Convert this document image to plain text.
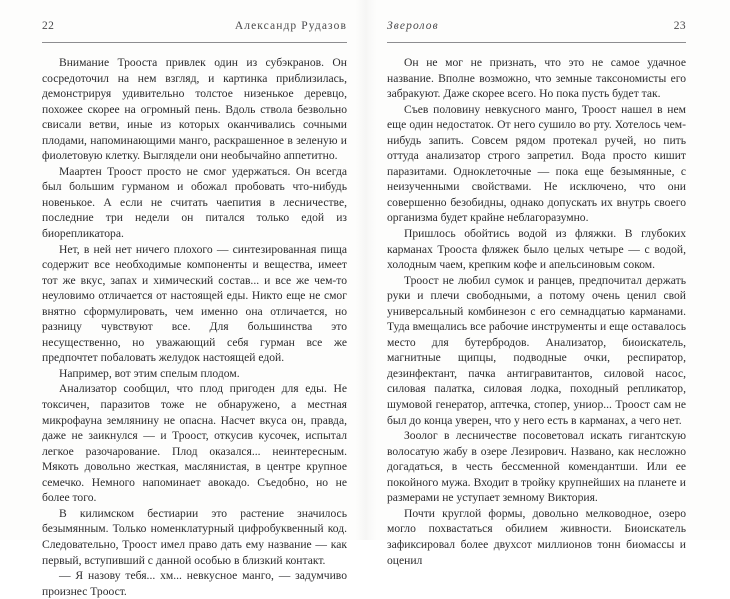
22	Александр Рудазов

Внимание Трооста привлек один из субэкранов. Он сосредоточил на нем взгляд, и картинка приблизилась, демонстрируя удивительно толстое низенькое деревцо, похожее скорее на огромный пень. Вдоль ствола безвольно свисали ветви, иные из которых оканчивались сочными плодами, напоминающими манго, раскрашенное в зеленую и фиолетовую клетку. Выглядели они необычайно аппетитно.

Маартен Троост просто не смог удержаться. Он всегда был большим гурманом и обожал пробовать что-нибудь новенькое. А если не считать чаепития в лесничестве, последние три недели он питался только едой из биорепликатора.

Нет, в ней нет ничего плохого — синтезированная пища содержит все необходимые компоненты и вещества, имеет тот же вкус, запах и химический состав... и все же чем-то неуловимо отличается от настоящей еды. Никто еще не смог внятно сформулировать, чем именно она отличается, но разницу чувствуют все. Для большинства это несущественно, но уважающий себя гурман все же предпочтет побаловать желудок настоящей едой.

Например, вот этим спелым плодом.

Анализатор сообщил, что плод пригоден для еды. Не токсичен, паразитов тоже не обнаружено, а местная микрофауна землянину не опасна. Насчет вкуса он, правда, даже не заикнулся — и Троост, откусив кусочек, испытал легкое разочарование. Плод оказался... неинтересным. Мякоть довольно жесткая, маслянистая, в центре крупное семечко. Немного напоминает авокадо. Съедобно, но не более того.

В килимском бестиарии это растение значилось безымянным. Только номенклатурный цифробуквенный код. Следовательно, Троост имел право дать ему название — как первый, вступивший с данной особью в близкий контакт.

— Я назову тебя... хм... невкусное манго, — задумчиво произнес Троост.

Зверолов	23

Он не мог не признать, что это не самое удачное название. Вполне возможно, что земные таксономисты его забракуют. Даже скорее всего. Но пока пусть будет так.

Съев половину невкусного манго, Троост нашел в нем еще один недостаток. От него сушило во рту. Хотелось чем-нибудь запить. Совсем рядом протекал ручей, но пить оттуда анализатор строго запретил. Вода просто кишит паразитами. Одноклеточные — пока еще безымянные, с неизученными свойствами. Не исключено, что они совершенно безобидны, однако допускать их внутрь своего организма будет крайне неблагоразумно.

Пришлось обойтись водой из фляжки. В глубоких карманах Трооста фляжек было целых четыре — с водой, холодным чаем, крепким кофе и апельсиновым соком.

Троост не любил сумок и ранцев, предпочитал держать руки и плечи свободными, а потому очень ценил свой универсальный комбинезон с его семнадцатью карманами. Туда вмещались все рабочие инструменты и еще оставалось место для бутербродов. Анализатор, биоискатель, магнитные щипцы, подводные очки, респиратор, дезинфектант, пачка антигравитантов, силовой насос, силовая палатка, силовая лодка, походный репликатор, шумовой генератор, аптечка, стопер, униор... Троост сам не был до конца уверен, что у него есть в карманах, а чего нет.

Зоолог в лесничестве посоветовал искать гигантскую волосатую жабу в озере Лезирович. Названо, как несложно догадаться, в честь бессменной комендантши. Или ее покойного мужа. Входит в тройку крупнейших на планете и размерами не уступает земному Виктория.

Почти круглой формы, довольно мелководное, озеро могло похвастаться обилием живности. Биоискатель зафиксировал более двухсот миллионов тонн биомассы и оценил
